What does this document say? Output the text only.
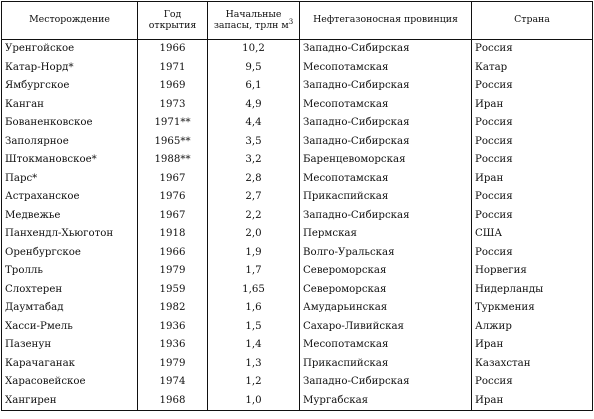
Месторождение	Год открытия	Начальные запасы, трлн $м^3$	Нефтегазоносная провинция	Страна
Уренгойское	1966	10,2	Западно-Сибирская	Россия
Катар-Норд*	1971	9,5	Месопотамская	Катар
Ямбургское	1969	6,1	Западно-Сибирская	Россия
Канган	1973	4,9	Месопотамская	Иран
Бованенковское	1971**	4,4	Западно-Сибирская	Россия
Заполярное	1965**	3,5	Западно-Сибирская	Россия
Штокмановское*	1988**	3,2	Баренцевоморская	Россия
Парс*	1967	2,8	Месопотамская	Иран
Астраханское	1976	2,7	Прикаспийская	Россия
Медвежье	1967	2,2	Западно-Сибирская	Россия
Панхендл-Хьюготон	1918	2,0	Пермская	США
Оренбургское	1966	1,9	Волго-Уральская	Россия
Тролль	1979	1,7	Североморская	Норвегия
Слохтерен	1959	1,65	Североморская	Нидерланды
Даумтабад	1982	1,6	Амударьинская	Туркмения
Хасси-Рмель	1936	1,5	Сахаро-Ливийская	Алжир
Пазенун	1936	1,4	Месопотамская	Иран
Карачаганак	1979	1,3	Прикаспийская	Казахстан
Харасовейское	1974	1,2	Западно-Сибирская	Россия
Хангирен	1968	1,0	Мургабская	Иран
